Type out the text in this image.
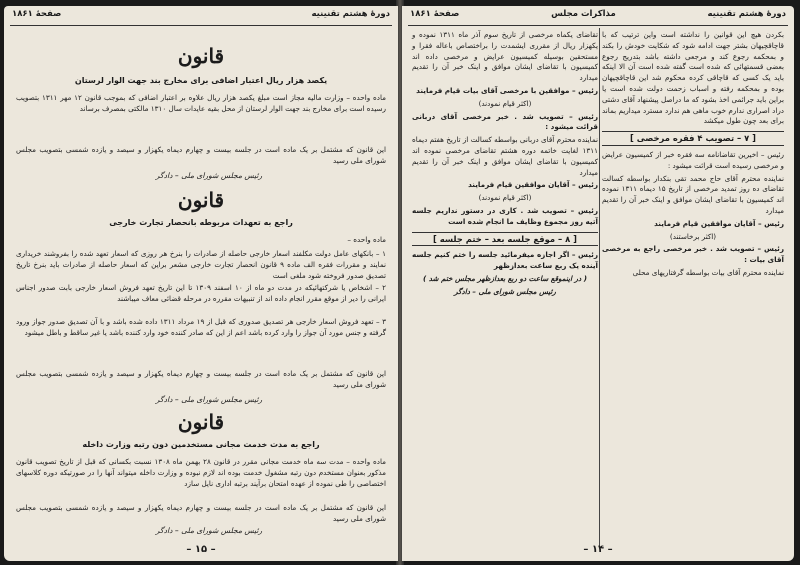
دورهٔ هشتم تقنینیه
صفحهٔ ۱۸۶۱
قانون
یکصد هزار ریال اعتبار اضافی برای مخارج بند جهت الوار لرستان
ماده واحده – وزارت مالیه مجاز است مبلغ یکصد هزار ریال علاوه بر اعتبار اضافی که بموجب قانون ۱۲ مهر ۱۳۱۱ بتصویب رسیده است برای مخارج بند جهت الوار لرستان از محل بقیه عایدات سال ۱۳۱۰ مالکتی بمصرف برساند
این قانون که مشتمل بر یک ماده است در جلسه بیست و چهارم دیماه یکهزار و سیصد و یازده شمسی بتصویب مجلس شورای ملی رسید
رئیس مجلس شورای ملی – دادگر
قانون
راجع به تعهدات مربوطه بانحصار تجارت خارجی
ماده واحده –
۱ – بانکهای عامل دولت مکلفند اسعار خارجی حاصله از صادرات را بنرخ هر روزی که اسعار تعهد شده را بفروشند خریداری نمایند و مقررات فقره الف ماده ۹ قانون انحصار تجارت خارجی مشعر براین که اسعار حاصله از صادرات باید بنرخ تاریخ تصدیق صدور فروخته شود ملغی است
۲ – اشخاص یا شرکتهائیکه در مدت دو ماه از ۱۰ اسفند ۱۳۰۹ تا این تاریخ تعهد فروش اسعار خارجی بابت صدور اجناس ایرانی را دیر از موقع مقرر انجام داده اند از تنبیهات مقرره در مرحله قضائی معاف میباشند
۳ – تعهد فروش اسعار خارجی هر تصدیق صدوری که قبل از ۱۹ مرداد ۱۳۱۱ داده شده باشد و با آن تصدیق صدور جواز ورود گرفته و جنس مورد آن جواز را وارد کرده باشد اعم از این که صادر کننده خود وارد کننده باشد یا غیر ساقط و باطل میشود
این قانون که مشتمل بر یک ماده است در جلسه بیست و چهارم دیماه یکهزار و سیصد و یازده شمسی بتصویب مجلس شورای ملی رسید
رئیس مجلس شورای ملی – دادگر
قانون
راجع به مدت خدمت مجانی مستخدمین دون رتبه وزارت داخله
ماده واحده – مدت سه ماه خدمت مجانی مقرر در قانون ۲۸ بهمن ماه ۱۳۰۸ نسبت بکسانی که قبل از تاریخ تصویب قانون مذکور بعنوان مستخدم دون رتبه مشغول خدمت بوده اند لازم نبوده و وزارت داخله میتواند آنها را در صورتیکه دوره کلاسهای اختصاصی را طی نموده از عهده امتحان برآیند برتبه اداری نایل سازد
این قانون که مشتمل بر یک ماده است در جلسه بیست و چهارم دیماه یکهزار و سیصد و یازده شمسی بتصویب مجلس شورای ملی رسید
رئیس مجلس شورای ملی – دادگر
– ۱۵ –
دورهٔ هشتم تقنینیه
مذاکرات مجلس
صفحهٔ ۱۸۶۱

بکردن هیچ این قوانین را نداشته است واین ترتیب که با قاچاقچیهان بشتر جهت ادامه شود که شکایت خودش را بکند و بمحکمه رجوع کند و مرجعی داشته باشد بتدریج رجوع بعضی قسمتهائی که شده است گفته شده است آن الا اینکه باید یک کسی که قاچاقی کرده محکوم شد این قاچاقچیهان بوده و بمحکمه رفته و اسباب زحمت دولت شده است یا براین باید جرائمی اخذ بشود که ما دراصل پیشنهاد آقای دشتی دراد اصراری ندارم خوب ماهی هم ندارد مسترد میداریم بماند برای بعد چون طول میکشد

[ ۷ – تصویب ۴ فقره مرخصی ]

رئیس – اخیرین تقاضانامه سه فقره خبر از کمیسیون عرایض و مرخصی رسیده است قرائت میشود :

نماینده محترم آقای حاج محمد تقی بنکدار بواسطه کسالت تقاضای ده روز تمدید مرخصی از تاریخ ۱۵ دیماه ۱۳۱۱ نموده اند کمیسیون با تقاضای ایشان موافق و اینک خبر آن را تقدیم میدارد

رئیس – آقایان موافقین قیام فرمایند

(اکثر برخاستند)

رئیس – تصویب شد . خبر مرخصی راجع به مرخصی آقای بیات :

نماینده محترم آقای بیات بواسطه گرفتاریهای محلی

تقاضای یکماه مرخصی از تاریخ سوم آذر ماه ۱۳۱۱ نموده و یکهزار ریال از مقرری ایشمدت را براختصاص باعاله فقرا و مستحقین بوسیله کمیسیون عرایض و مرخصی داده اند کمیسیون با تقاضای ایشان موافق و اینک خبر آن را تقدیم میدارد

رئیس – موافقین با مرخصی آقای بیات قیام فرمایند

(اکثر قیام نمودند)

رئیس – تصویب شد . خبر مرخصی آقای دربانی قرائت میشود :

نماینده محترم آقای دربانی بواسطه کسالت از تاریخ هفتم دیماه ۱۳۱۱ لغایت خاتمه دوره هشتم تقاضای مرخصی نموده اند کمیسیون با تقاضای ایشان موافق و اینک خبر آن را تقدیم میدارد

رئیس – آقایان موافقین قیام فرمایند

(اکثر قیام نمودند)

رئیس – تصویب شد . کاری در دستور نداریم جلسه آتیه روز مجموع وظایف ما انجام شده است

[ ۸ – موقع جلسه بعد – ختم جلسه ]

رئیس – اگر اجازه میفرمائید جلسه را ختم کنیم جلسه آینده یک ربع ساعت بعدازظهر

( در اینموقع ساعت دو ربع بعدازظهر مجلس ختم شد )

رئیس مجلس شورای ملی – دادگر

– ۱۴ –
